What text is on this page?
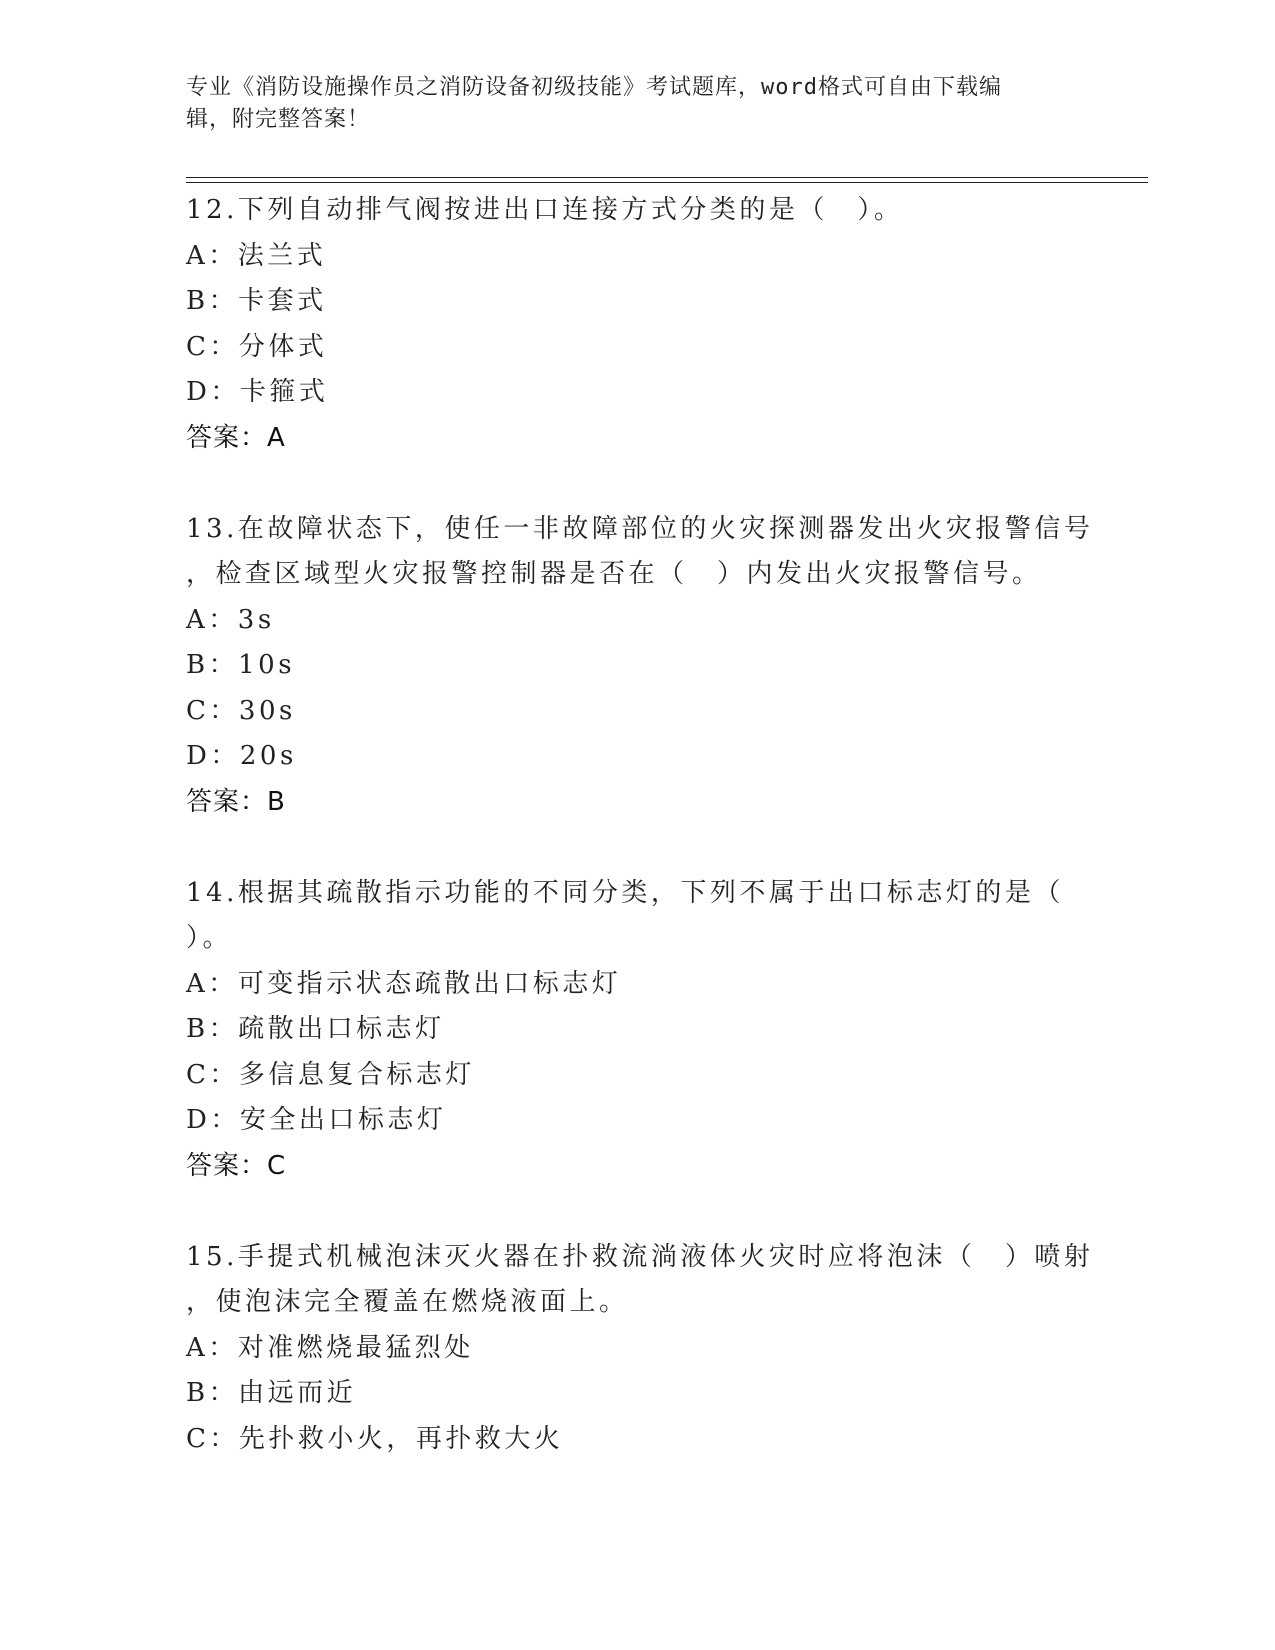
专业《消防设施操作员之消防设备初级技能》考试题库，word格式可自由下载编
辑，附完整答案！
12.下列自动排气阀按进出口连接方式分类的是（　）。
A：法兰式
B：卡套式
C：分体式
D：卡箍式
答案：A
13.在故障状态下，使任一非故障部位的火灾探测器发出火灾报警信号
，检查区域型火灾报警控制器是否在（　）内发出火灾报警信号。
A：3s
B：10s
C：30s
D：20s
答案：B
14.根据其疏散指示功能的不同分类，下列不属于出口标志灯的是（
）。
A：可变指示状态疏散出口标志灯
B：疏散出口标志灯
C：多信息复合标志灯
D：安全出口标志灯
答案：C
15.手提式机械泡沫灭火器在扑救流淌液体火灾时应将泡沫（　）喷射
，使泡沫完全覆盖在燃烧液面上。
A：对准燃烧最猛烈处
B：由远而近
C：先扑救小火，再扑救大火
